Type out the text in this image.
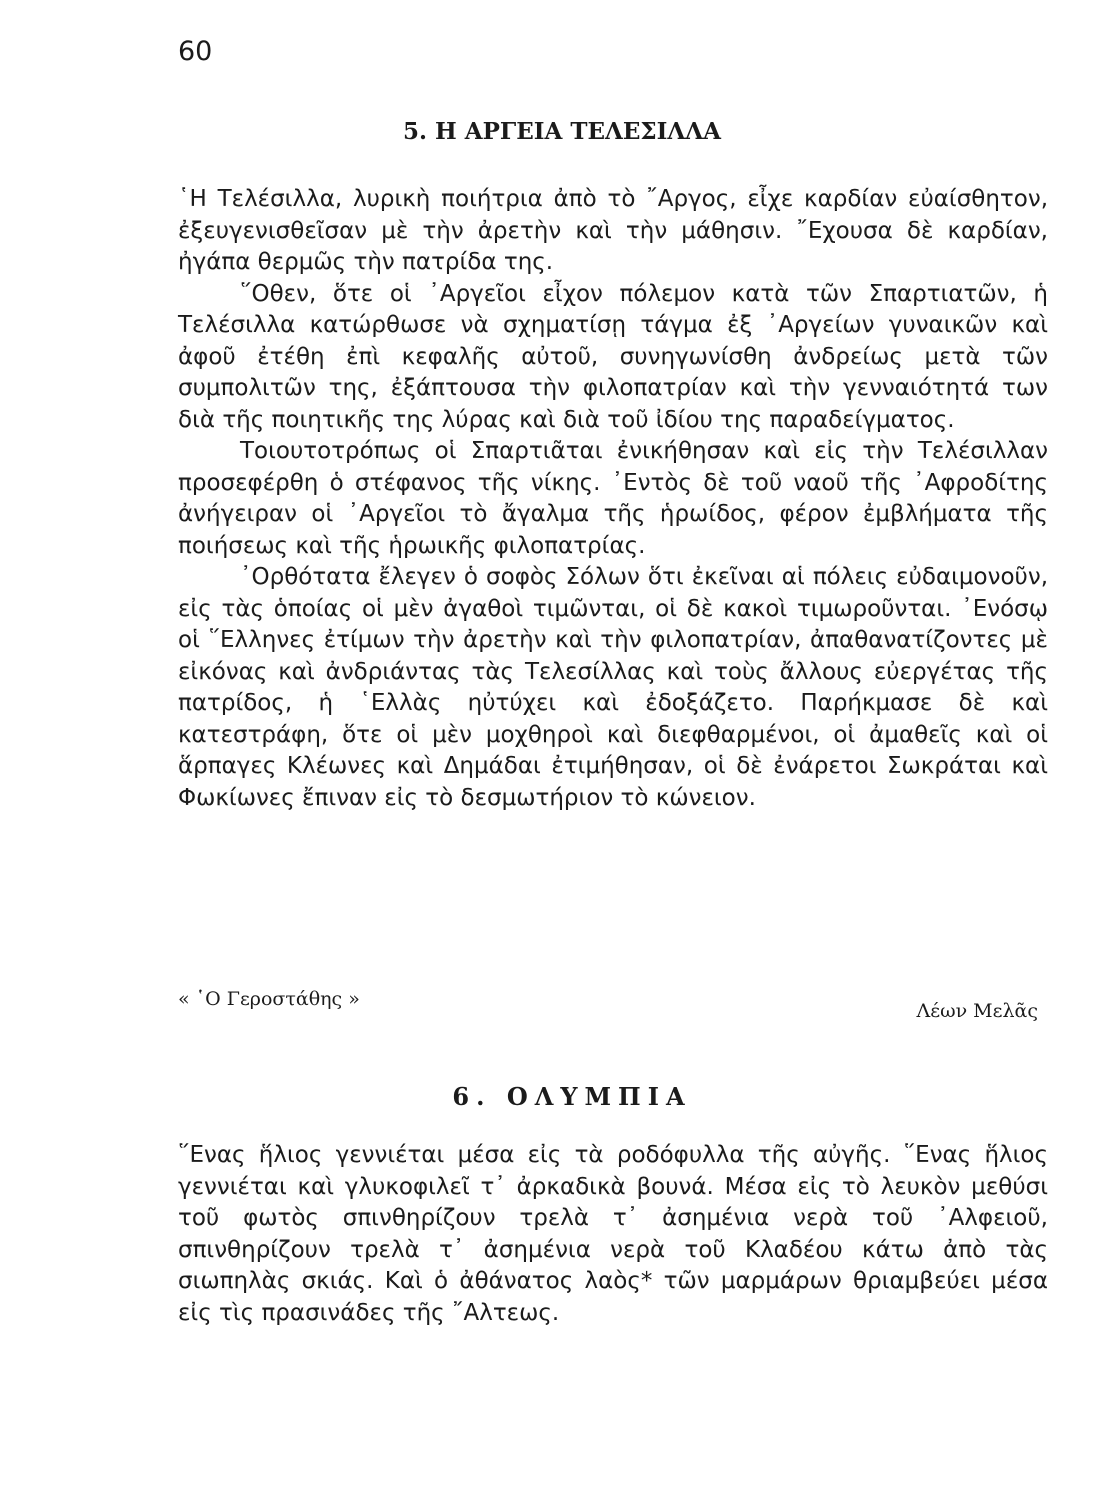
60
5. Η ΑΡΓΕΙΑ ΤΕΛΕΣΙΛΛΑ

῾Η Τελέσιλλα, λυρικὴ ποιήτρια ἀπὸ τὸ ῎Αργος, εἶχε καρδίαν εὐαίσθητον, ἐξευγενισθεῖσαν μὲ τὴν ἀρετὴν καὶ τὴν μάθησιν. ῎Εχουσα δὲ καρδίαν, ἠγάπα θερμῶς τὴν πατρίδα της.

῞Οθεν, ὅτε οἱ ᾿Αργεῖοι εἶχον πόλεμον κατὰ τῶν Σπαρτιατῶν, ἡ Τελέσιλλα κατώρθωσε νὰ σχηματίσῃ τάγμα ἐξ ᾿Αργείων γυναικῶν καὶ ἀφοῦ ἐτέθη ἐπὶ κεφαλῆς αὐτοῦ, συνηγωνίσθη ἀνδρείως μετὰ τῶν συμπολιτῶν της, ἐξάπτουσα τὴν φιλοπατρίαν καὶ τὴν γενναιότητά των διὰ τῆς ποιητικῆς της λύρας καὶ διὰ τοῦ ἰδίου της παραδείγματος.

Τοιουτοτρόπως οἱ Σπαρτιᾶται ἐνικήθησαν καὶ εἰς τὴν Τελέσιλλαν προσεφέρθη ὁ στέφανος τῆς νίκης. ᾿Εντὸς δὲ τοῦ ναοῦ τῆς ᾿Αφροδίτης ἀνήγειραν οἱ ᾿Αργεῖοι τὸ ἄγαλμα τῆς ἡρωίδος, φέρον ἐμβλήματα τῆς ποιήσεως καὶ τῆς ἡρωικῆς φιλοπατρίας.

᾿Ορθότατα ἔλεγεν ὁ σοφὸς Σόλων ὅτι ἐκεῖναι αἱ πόλεις εὐδαιμονοῦν, εἰς τὰς ὁποίας οἱ μὲν ἀγαθοὶ τιμῶνται, οἱ δὲ κακοὶ τιμωροῦνται. ᾿Ενόσῳ οἱ ῞Ελληνες ἐτίμων τὴν ἀρετὴν καὶ τὴν φιλοπατρίαν, ἀπαθανατίζοντες μὲ εἰκόνας καὶ ἀνδριάντας τὰς Τελεσίλλας καὶ τοὺς ἄλλους εὐεργέτας τῆς πατρίδος, ἡ ῾Ελλὰς ηὐτύχει καὶ ἐδοξάζετο. Παρήκμασε δὲ καὶ κατεστράφη, ὅτε οἱ μὲν μοχθηροὶ καὶ διεφθαρμένοι, οἱ ἀμαθεῖς καὶ οἱ ἅρπαγες Κλέωνες καὶ Δημάδαι ἐτιμήθησαν, οἱ δὲ ἐνάρετοι Σωκράται καὶ Φωκίωνες ἔπιναν εἰς τὸ δεσμωτήριον τὸ κώνειον.

« ῾Ο Γεροστάθης »
Λέων Μελᾶς
6. ΟΛΥΜΠΙΑ

῞Ενας ἥλιος γεννιέται μέσα εἰς τὰ ροδόφυλλα τῆς αὐγῆς. ῞Ενας ἥλιος γεννιέται καὶ γλυκοφιλεῖ τ᾿ ἀρκαδικὰ βουνά. Μέσα εἰς τὸ λευκὸν μεθύσι τοῦ φωτὸς σπινθηρίζουν τρελὰ τ᾿ ἀσημένια νερὰ τοῦ ᾿Αλφειοῦ, σπινθηρίζουν τρελὰ τ᾿ ἀσημένια νερὰ τοῦ Κλαδέου κάτω ἀπὸ τὰς σιωπηλὰς σκιάς. Καὶ ὁ ἀθάνατος λαὸς* τῶν μαρμάρων θριαμβεύει μέσα εἰς τὶς πρασινάδες τῆς ῎Αλτεως.
